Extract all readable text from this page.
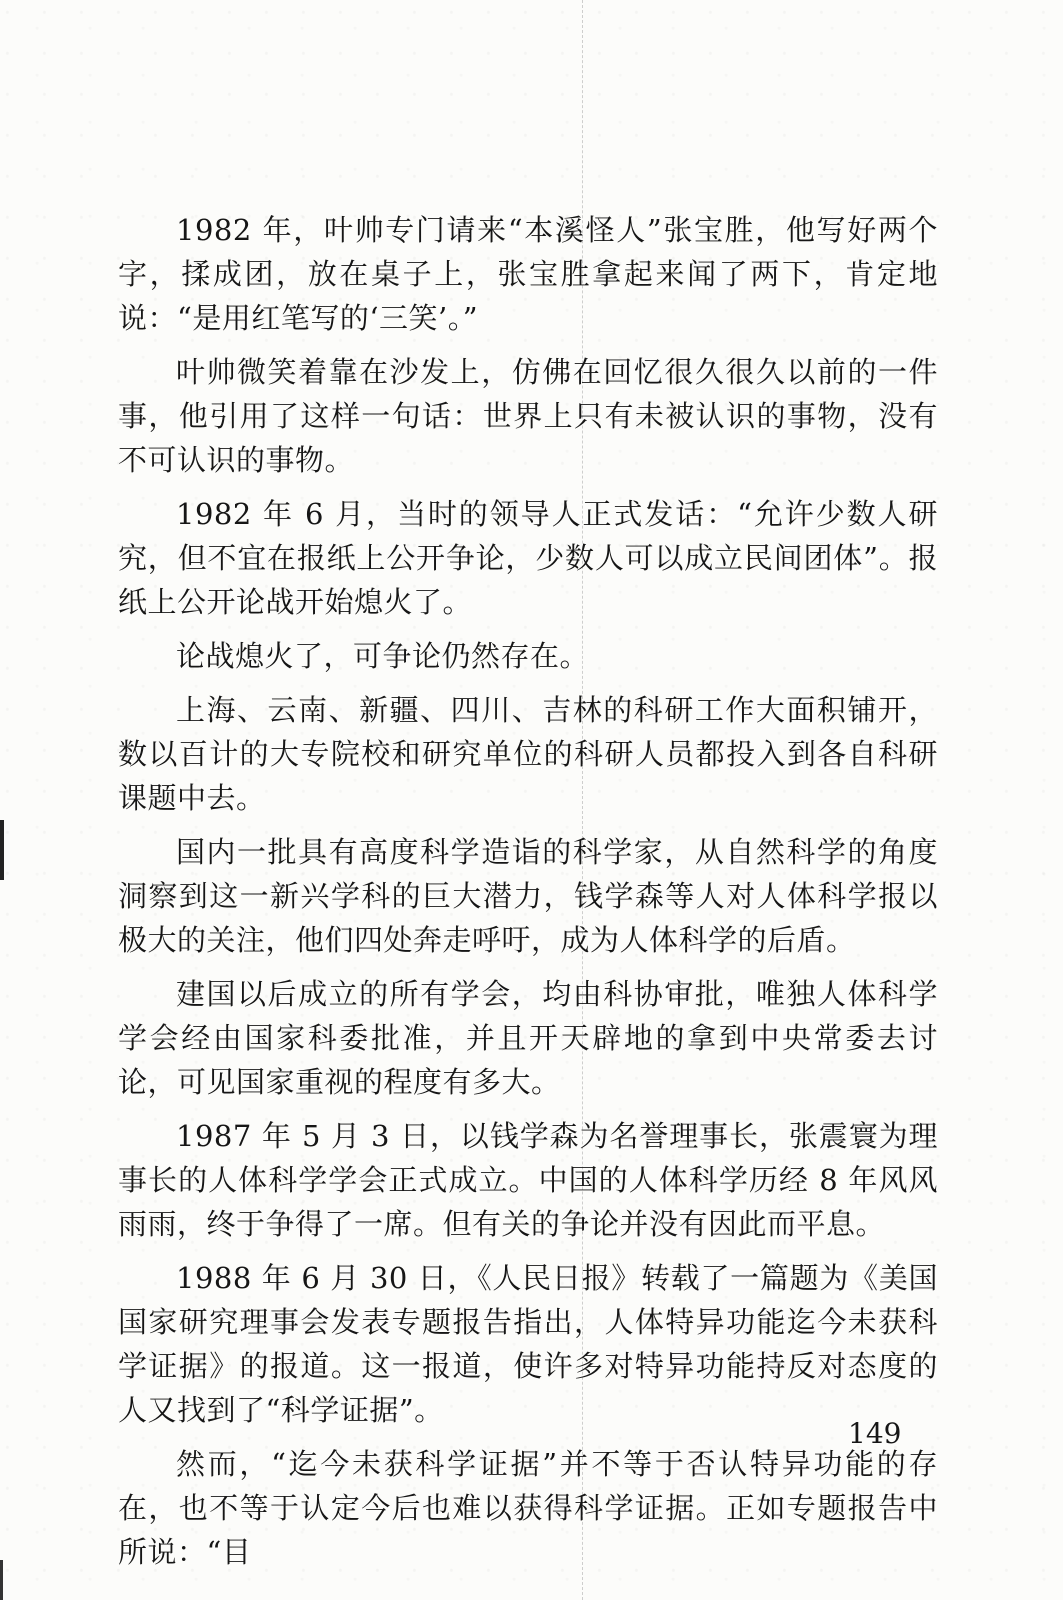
1982 年，叶帅专门请来“本溪怪人”张宝胜，他写好两个字，揉成团，放在桌子上，张宝胜拿起来闻了两下，肯定地说：“是用红笔写的‘三笑’。”

叶帅微笑着靠在沙发上，仿佛在回忆很久很久以前的一件事，他引用了这样一句话：世界上只有未被认识的事物，没有不可认识的事物。

1982 年 6 月，当时的领导人正式发话：“允许少数人研究，但不宜在报纸上公开争论，少数人可以成立民间团体”。报纸上公开论战开始熄火了。

论战熄火了，可争论仍然存在。

上海、云南、新疆、四川、吉林的科研工作大面积铺开，数以百计的大专院校和研究单位的科研人员都投入到各自科研课题中去。

国内一批具有高度科学造诣的科学家，从自然科学的角度洞察到这一新兴学科的巨大潜力，钱学森等人对人体科学报以极大的关注，他们四处奔走呼吁，成为人体科学的后盾。

建国以后成立的所有学会，均由科协审批，唯独人体科学学会经由国家科委批准，并且开天辟地的拿到中央常委去讨论，可见国家重视的程度有多大。

1987 年 5 月 3 日，以钱学森为名誉理事长，张震寰为理事长的人体科学学会正式成立。中国的人体科学历经 8 年风风雨雨，终于争得了一席。但有关的争论并没有因此而平息。

1988 年 6 月 30 日，《人民日报》转载了一篇题为《美国国家研究理事会发表专题报告指出，人体特异功能迄今未获科学证据》的报道。这一报道，使许多对特异功能持反对态度的人又找到了“科学证据”。

然而，“迄今未获科学证据”并不等于否认特异功能的存在，也不等于认定今后也难以获得科学证据。正如专题报告中所说：“目

149
